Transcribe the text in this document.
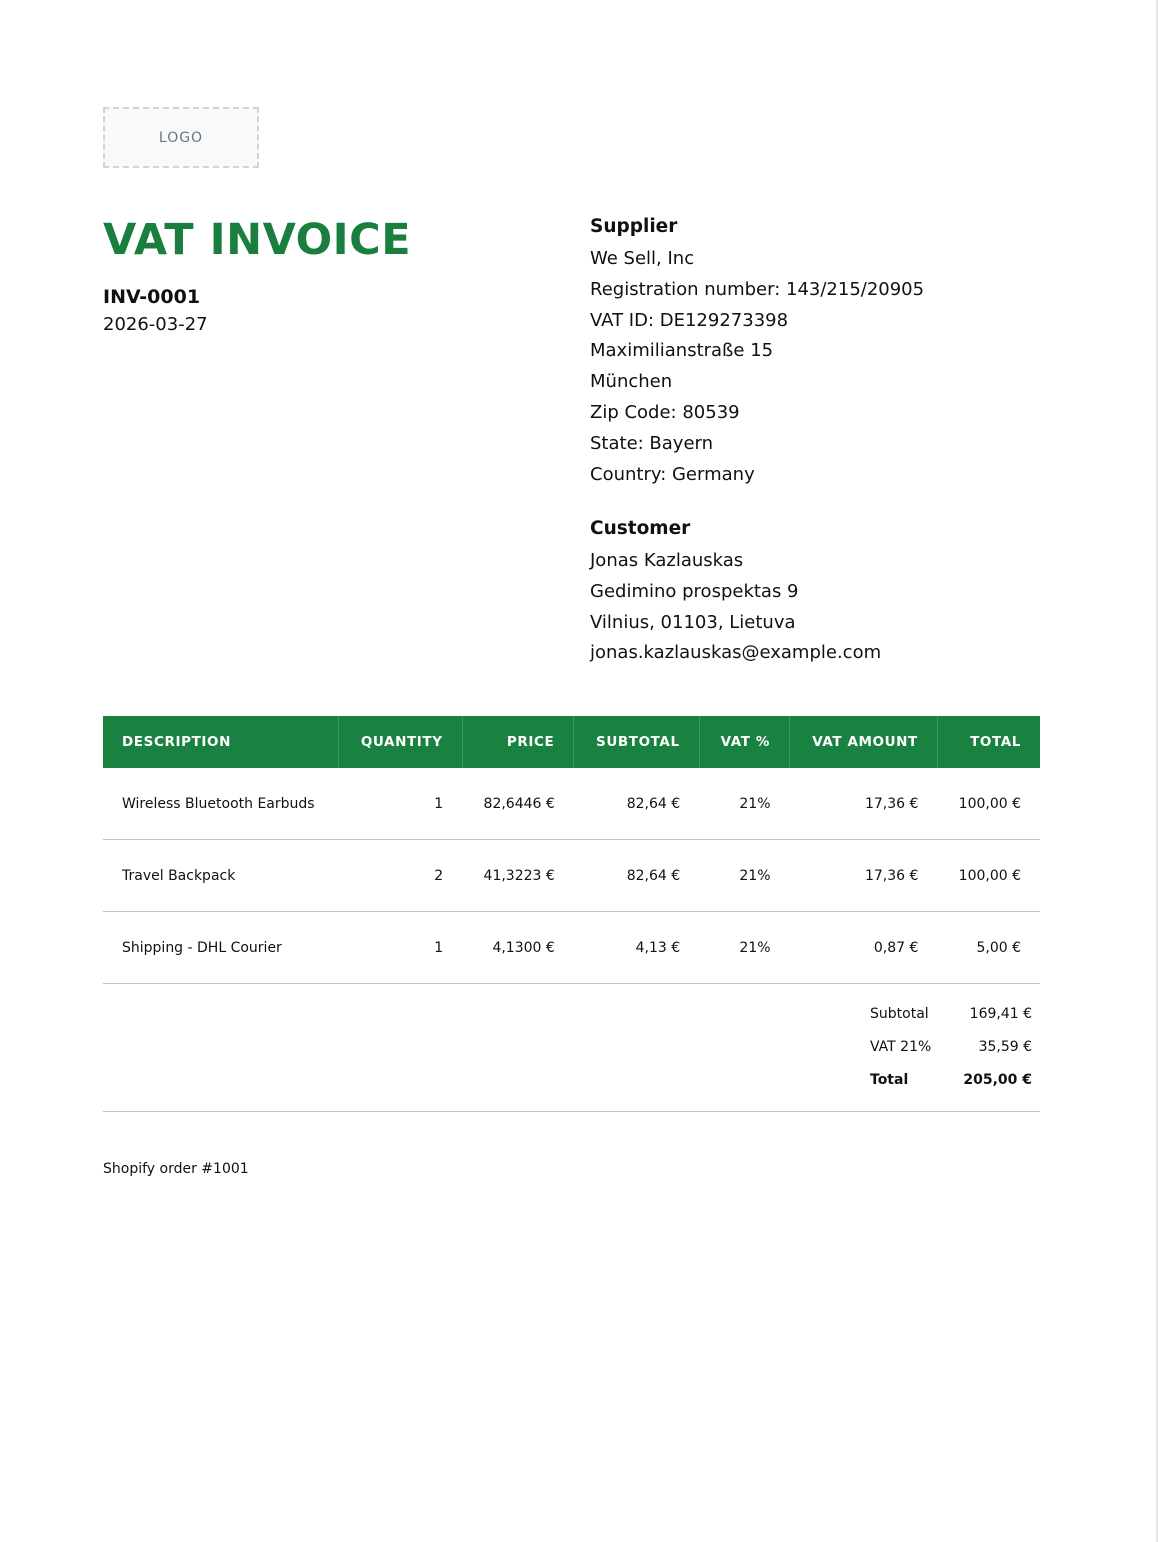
LOGO
VAT INVOICE
INV-0001
2026-03-27
Supplier
We Sell, Inc
Registration number: 143/215/20905
VAT ID: DE129273398
Maximilianstraße 15
München
Zip Code: 80539
State: Bayern
Country: Germany
Customer
Jonas Kazlauskas
Gedimino prospektas 9
Vilnius, 01103, Lietuva
jonas.kazlauskas@example.com
DESCRIPTION	QUANTITY	PRICE	SUBTOTAL	VAT %	VAT AMOUNT	TOTAL
Wireless Bluetooth Earbuds	1	82,6446 €	82,64 €	21%	17,36 €	100,00 €
Travel Backpack	2	41,3223 €	82,64 €	21%	17,36 €	100,00 €
Shipping - DHL Courier	1	4,1300 €	4,13 €	21%	0,87 €	5,00 €
Subtotal	169,41 €
VAT 21%	35,59 €
Total	205,00 €
Shopify order #1001
